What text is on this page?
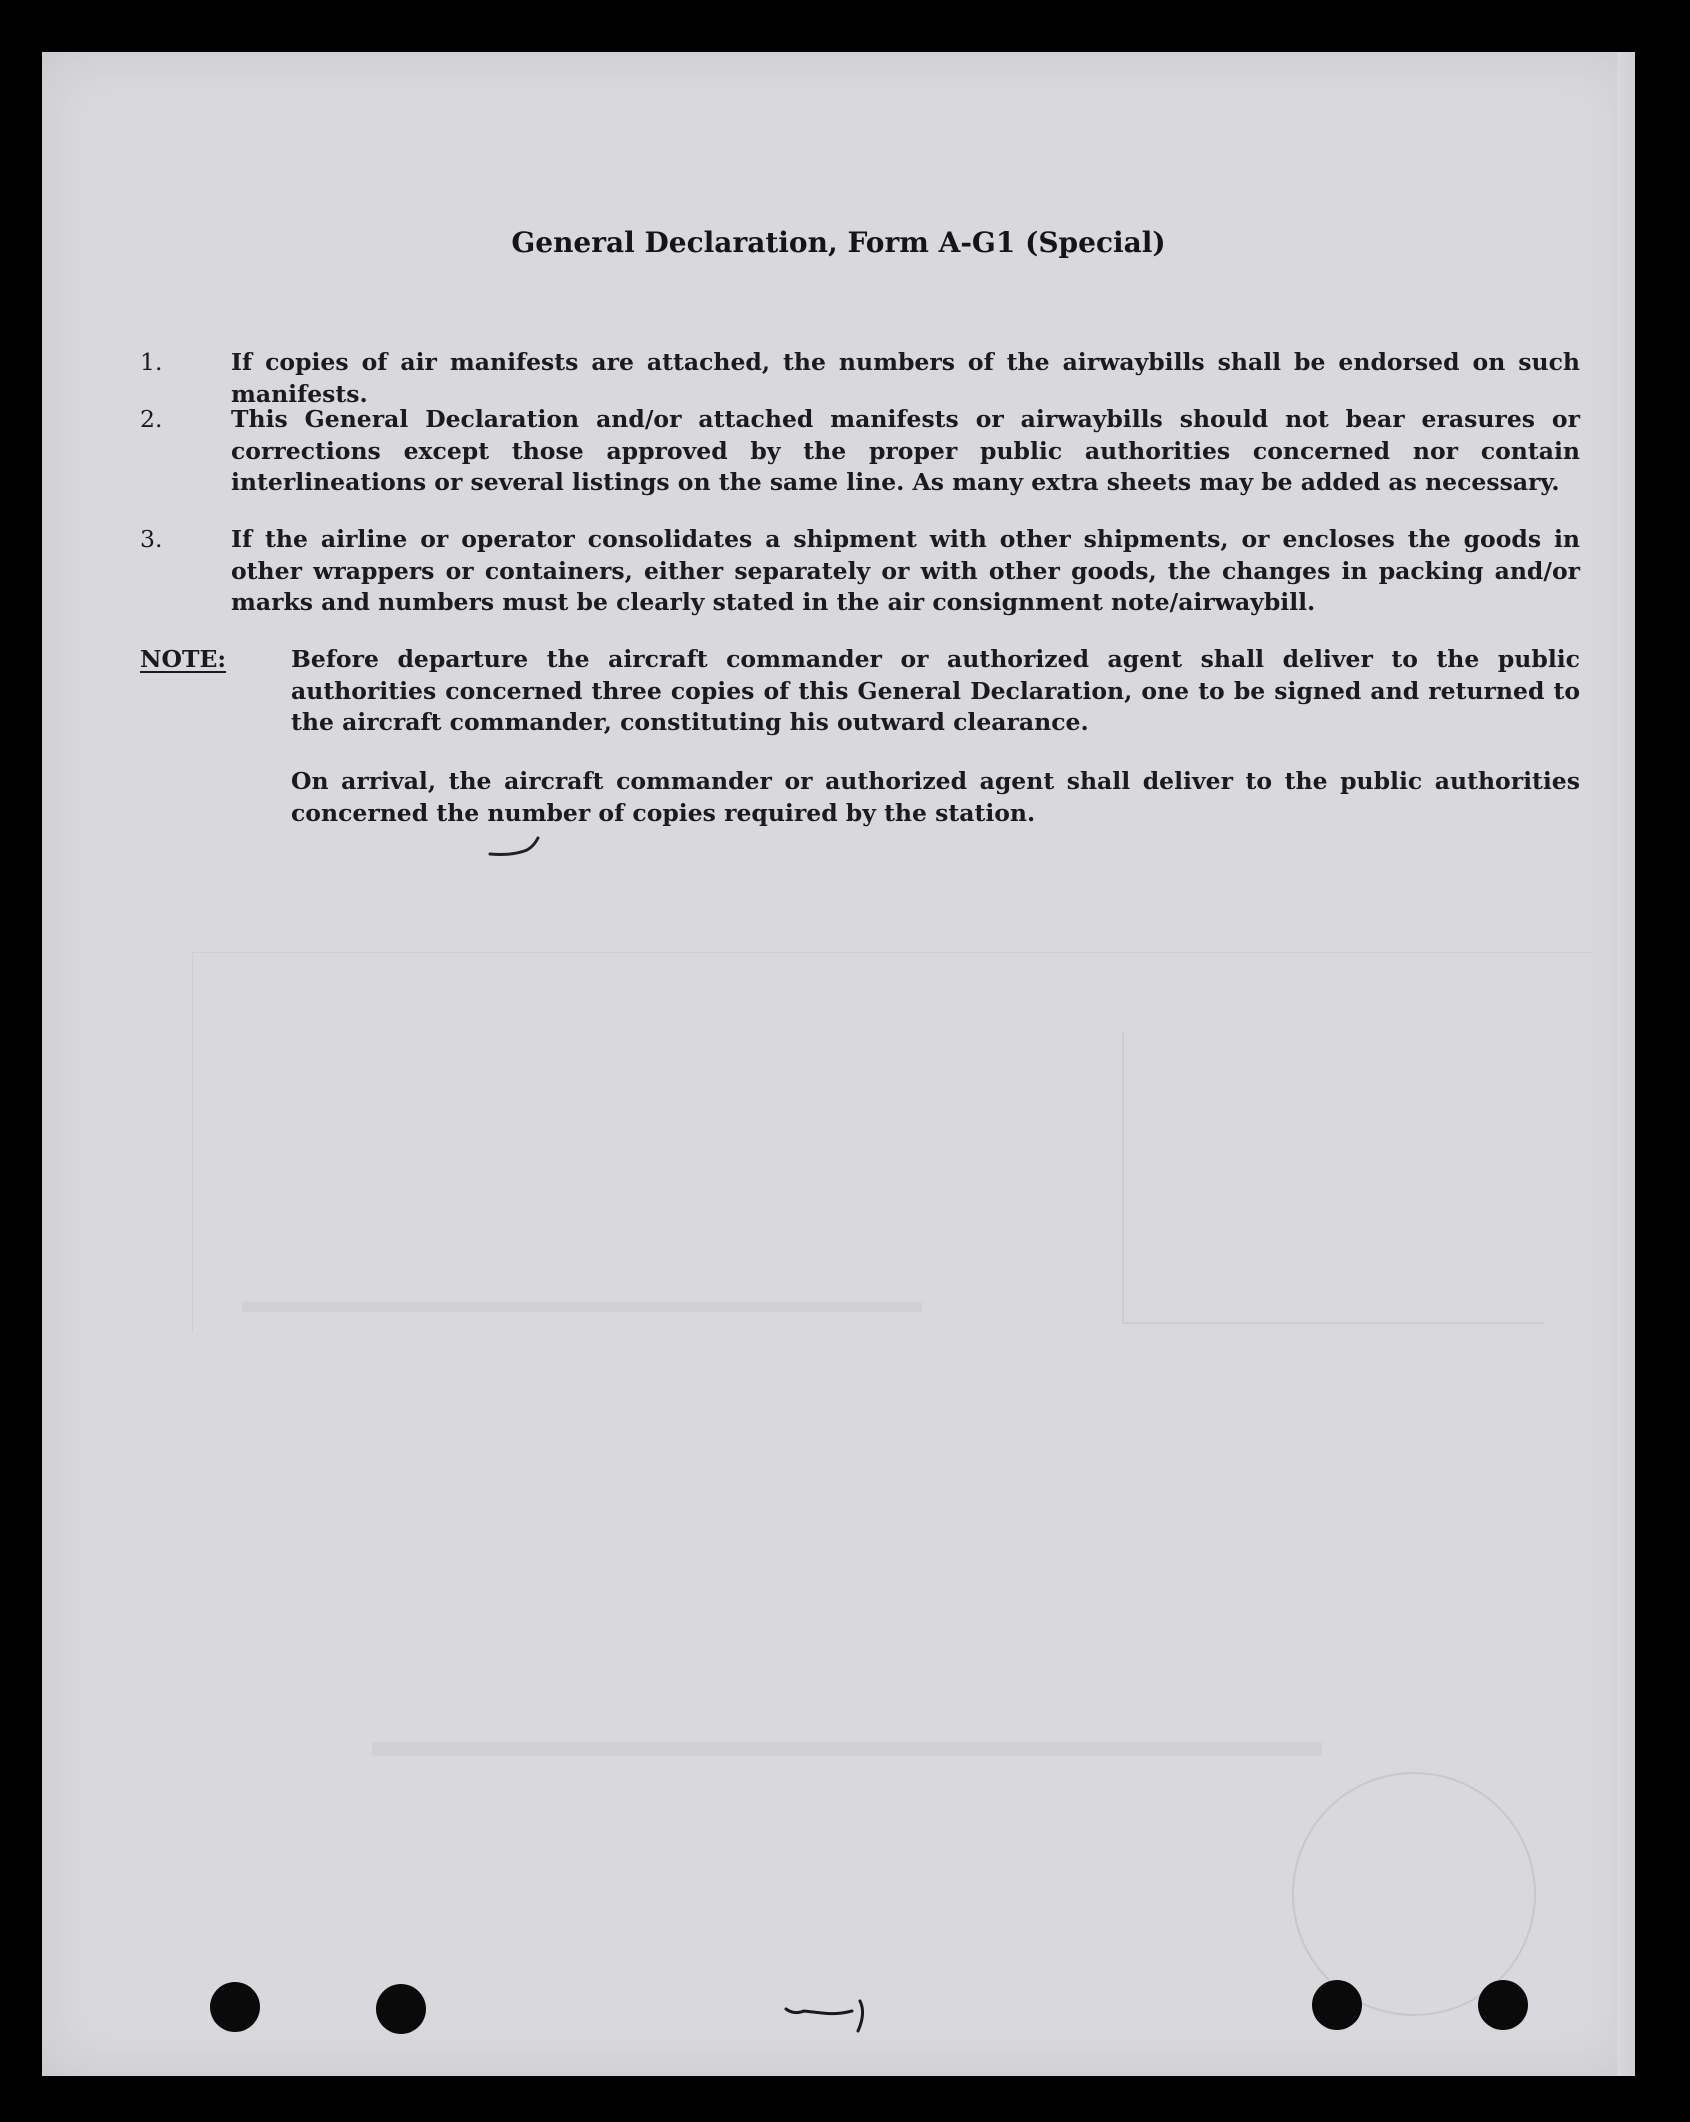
General Declaration, Form A-G1 (Special)
1.	If copies of air manifests are attached, the numbers of the airwaybills shall be endorsed on such manifests.
2.	This General Declaration and/or attached manifests or airwaybills should not bear erasures or corrections except those approved by the proper public authorities concerned nor contain interlineations or several listings on the same line. As many extra sheets may be added as necessary.
3.	If the airline or operator consolidates a shipment with other shipments, or encloses the goods in other wrappers or containers, either separately or with other goods, the changes in packing and/or marks and numbers must be clearly stated in the air consignment note/airwaybill.
NOTE:	Before departure the aircraft commander or authorized agent shall deliver to the public authorities concerned three copies of this General Declaration, one to be signed and returned to the aircraft commander, constituting his outward clearance.
On arrival, the aircraft commander or authorized agent shall deliver to the public authorities concerned the number of copies required by the station.
